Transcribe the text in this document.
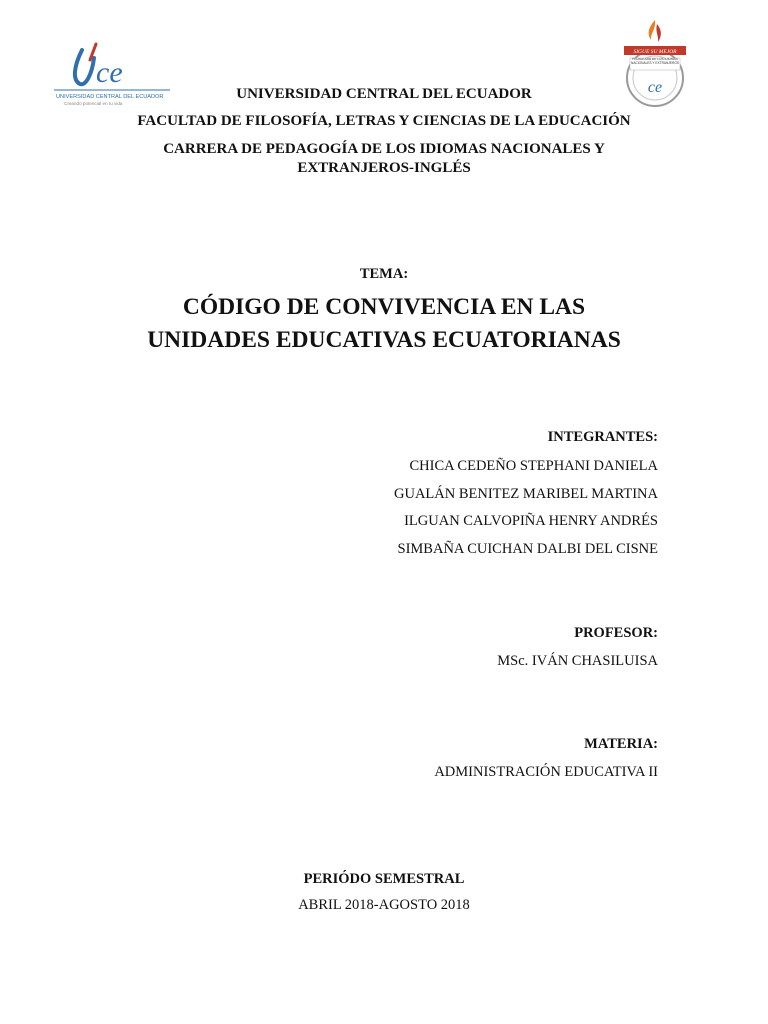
ce
UNIVERSIDAD CENTRAL DEL ECUADOR
Creando potencial en tu vida
SIGUE SU MEJOR
PEDAGOGÍA DE LOS IDIOMAS NACIONALES Y EXTRANJEROS
ce
UNIVERSIDAD CENTRAL DEL ECUADOR
FACULTAD DE FILOSOFÍA, LETRAS Y CIENCIAS DE LA EDUCACIÓN
CARRERA DE PEDAGOGÍA DE LOS IDIOMAS NACIONALES Y
EXTRANJEROS-INGLÉS
TEMA:
CÓDIGO DE CONVIVENCIA EN LAS
UNIDADES EDUCATIVAS ECUATORIANAS
INTEGRANTES:
CHICA CEDEÑO STEPHANI DANIELA
GUALÁN BENITEZ MARIBEL MARTINA
ILGUAN CALVOPIÑA HENRY ANDRÉS
SIMBAÑA CUICHAN DALBI DEL CISNE
PROFESOR:
MSc. IVÁN CHASILUISA
MATERIA:
ADMINISTRACIÓN EDUCATIVA II
PERIÓDO SEMESTRAL
ABRIL 2018-AGOSTO 2018
